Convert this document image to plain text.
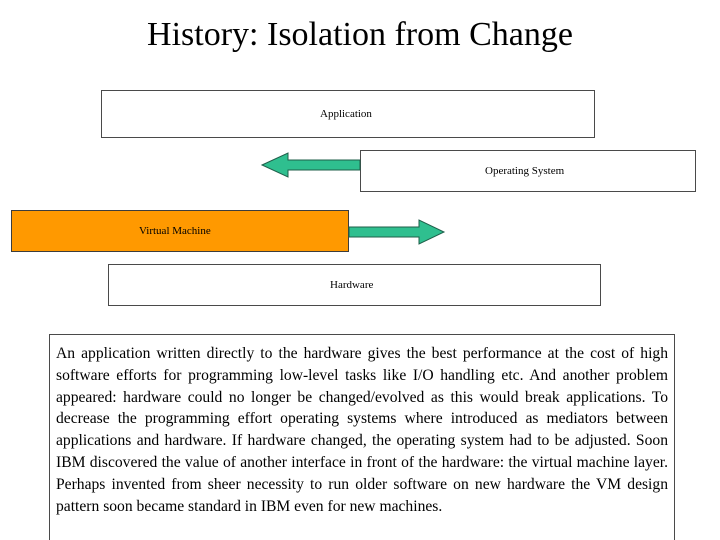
History: Isolation from Change
Application
Operating System
Virtual Machine
Hardware
An application written directly to the hardware gives the best performance at the cost of high software efforts for programming low-level tasks like I/O handling etc. And another problem appeared: hardware could no longer be changed/evolved as this would break applications. To decrease the programming effort operating systems where introduced as mediators between applications and hardware. If hardware changed, the operating system had to be adjusted. Soon IBM discovered the value of another interface in front of the hardware: the virtual machine layer. Perhaps invented from sheer necessity to run older software on new hardware the VM design pattern soon became standard in IBM even for new machines.
